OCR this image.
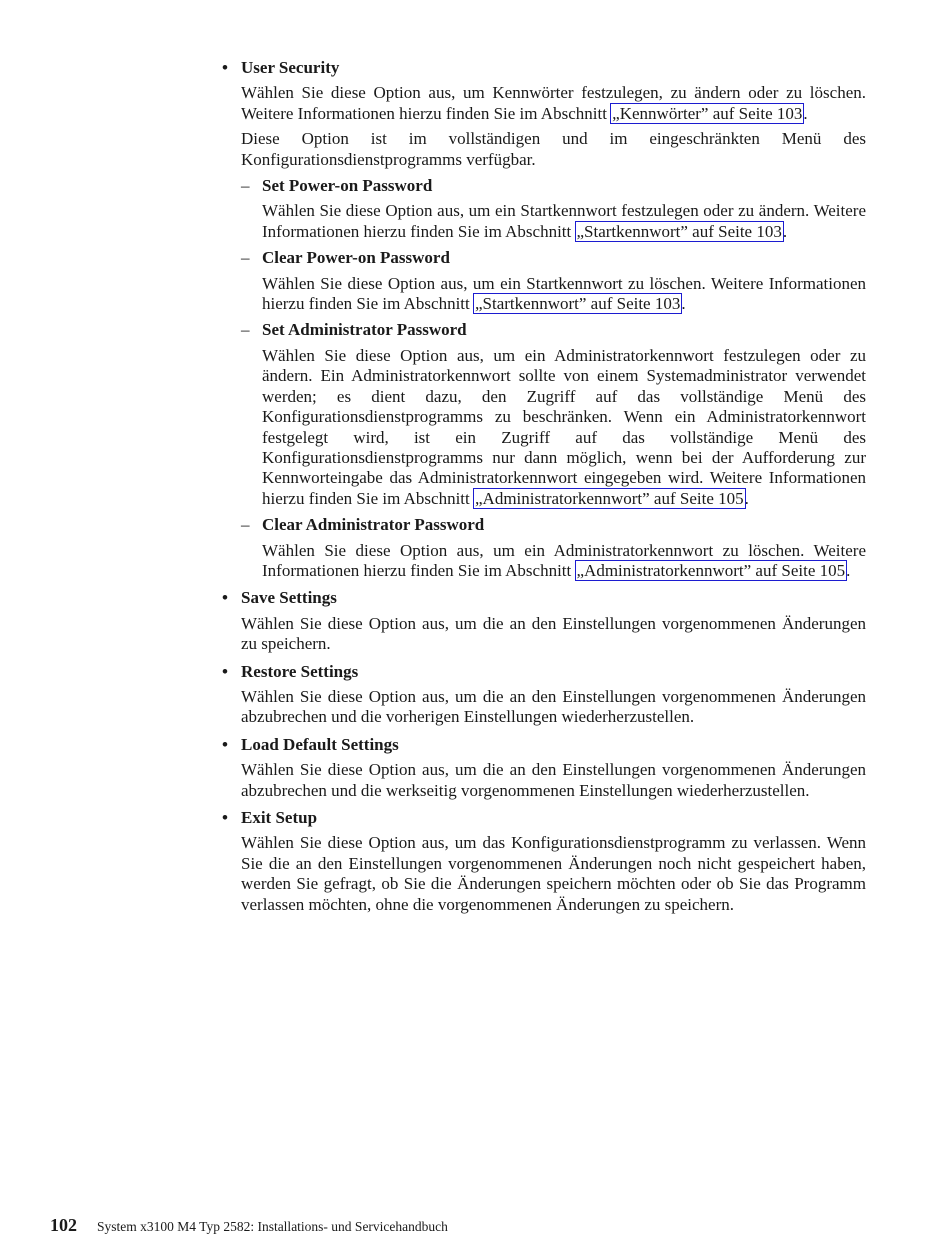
• User Security

Wählen Sie diese Option aus, um Kennwörter festzulegen, zu ändern oder zu löschen. Weitere Informationen hierzu finden Sie im Abschnitt „Kennwörter” auf Seite 103.

Diese Option ist im vollständigen und im eingeschränkten Menü des Konfigurationsdienstprogramms verfügbar.

– Set Power-on Password

Wählen Sie diese Option aus, um ein Startkennwort festzulegen oder zu ändern. Weitere Informationen hierzu finden Sie im Abschnitt „Startkennwort” auf Seite 103.

– Clear Power-on Password

Wählen Sie diese Option aus, um ein Startkennwort zu löschen. Weitere Informationen hierzu finden Sie im Abschnitt „Startkennwort” auf Seite 103.

– Set Administrator Password

Wählen Sie diese Option aus, um ein Administratorkennwort festzulegen oder zu ändern. Ein Administratorkennwort sollte von einem Systemadministrator verwendet werden; es dient dazu, den Zugriff auf das vollständige Menü des Konfigurationsdienstprogramms zu beschränken. Wenn ein Administratorkennwort festgelegt wird, ist ein Zugriff auf das vollständige Menü des Konfigurationsdienstprogramms nur dann möglich, wenn bei der Aufforderung zur Kennworteingabe das Administratorkennwort eingegeben wird. Weitere Informationen hierzu finden Sie im Abschnitt „Administratorkennwort” auf Seite 105.

– Clear Administrator Password

Wählen Sie diese Option aus, um ein Administratorkennwort zu löschen. Weitere Informationen hierzu finden Sie im Abschnitt „Administratorkennwort” auf Seite 105.

• Save Settings

Wählen Sie diese Option aus, um die an den Einstellungen vorgenommenen Änderungen zu speichern.

• Restore Settings

Wählen Sie diese Option aus, um die an den Einstellungen vorgenommenen Änderungen abzubrechen und die vorherigen Einstellungen wiederherzustellen.

• Load Default Settings

Wählen Sie diese Option aus, um die an den Einstellungen vorgenommenen Änderungen abzubrechen und die werkseitig vorgenommenen Einstellungen wiederherzustellen.

• Exit Setup

Wählen Sie diese Option aus, um das Konfigurationsdienstprogramm zu verlassen. Wenn Sie die an den Einstellungen vorgenommenen Änderungen noch nicht gespeichert haben, werden Sie gefragt, ob Sie die Änderungen speichern möchten oder ob Sie das Programm verlassen möchten, ohne die vorgenommenen Änderungen zu speichern.

102 System x3100 M4 Typ 2582: Installations- und Servicehandbuch
